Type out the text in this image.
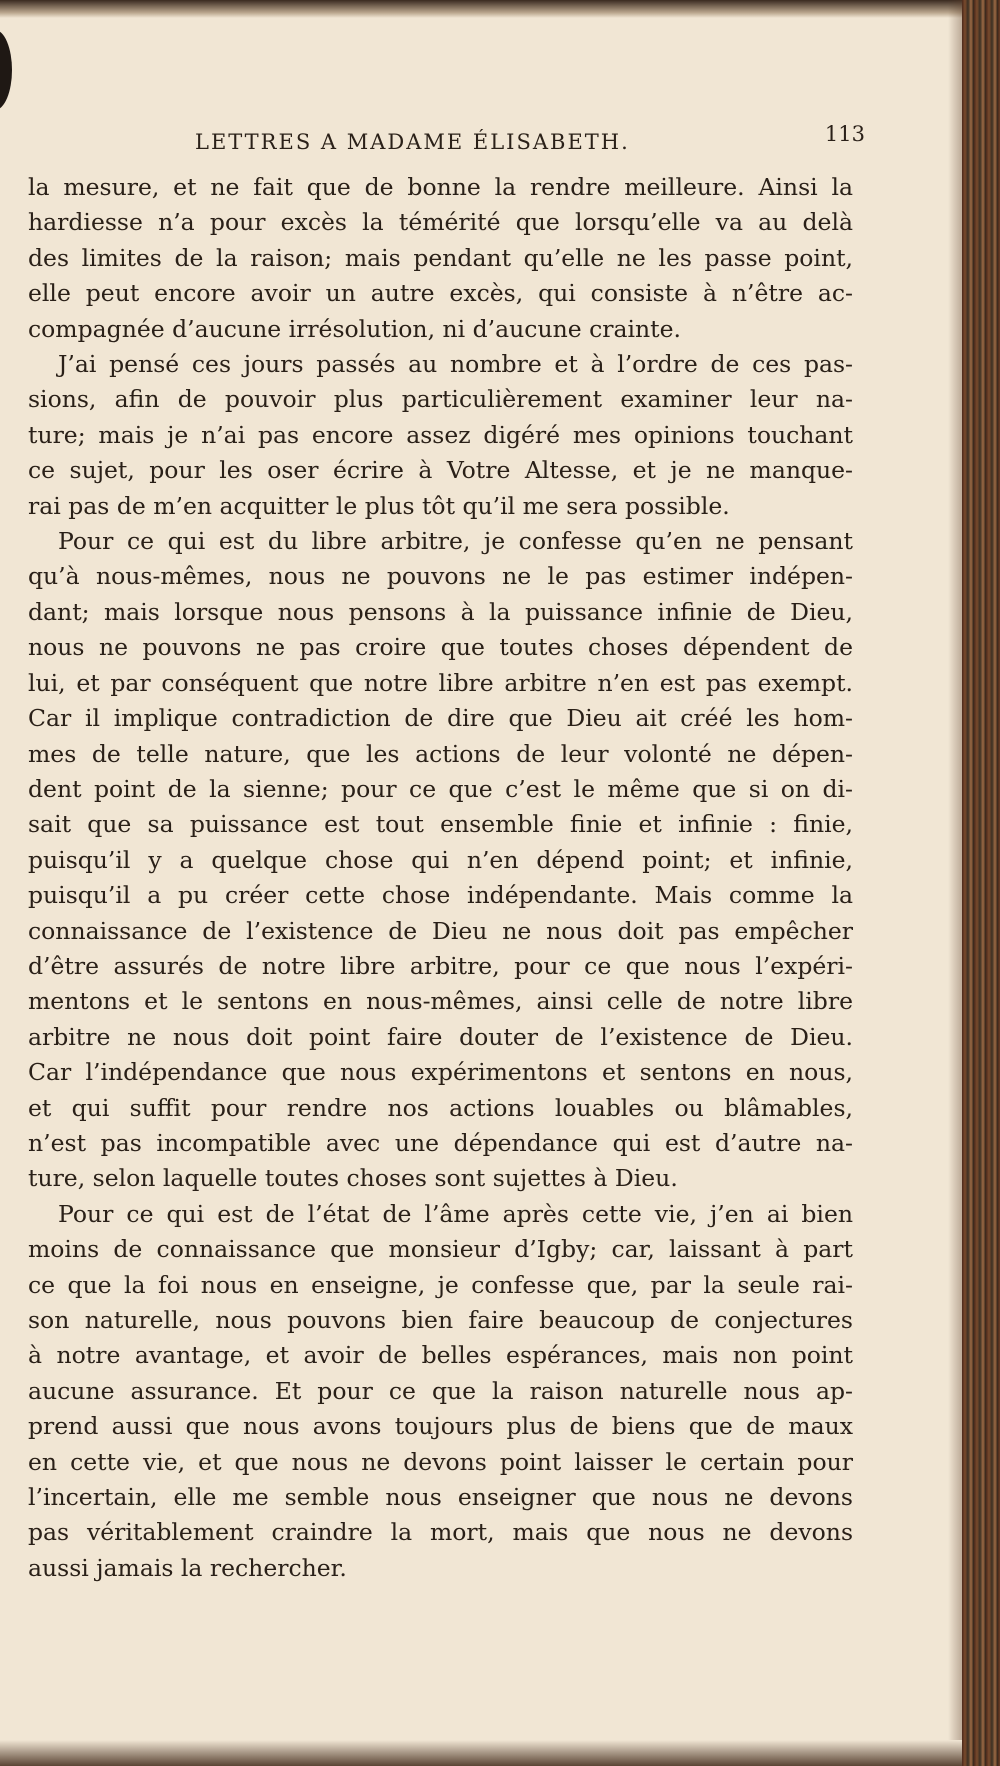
LETTRES A MADAME ÉLISABETH.	113

la mesure, et ne fait que de bonne la rendre meilleure. Ainsi la
hardiesse n’a pour excès la témérité que lorsqu’elle va au delà
des limites de la raison; mais pendant qu’elle ne les passe point,
elle peut encore avoir un autre excès, qui consiste à n’être ac-
compagnée d’aucune irrésolution, ni d’aucune crainte.

J’ai pensé ces jours passés au nombre et à l’ordre de ces pas-
sions, afin de pouvoir plus particulièrement examiner leur na-
ture; mais je n’ai pas encore assez digéré mes opinions touchant
ce sujet, pour les oser écrire à Votre Altesse, et je ne manque-
rai pas de m’en acquitter le plus tôt qu’il me sera possible.

Pour ce qui est du libre arbitre, je confesse qu’en ne pensant
qu’à nous-mêmes, nous ne pouvons ne le pas estimer indépen-
dant; mais lorsque nous pensons à la puissance infinie de Dieu,
nous ne pouvons ne pas croire que toutes choses dépendent de
lui, et par conséquent que notre libre arbitre n’en est pas exempt.
Car il implique contradiction de dire que Dieu ait créé les hom-
mes de telle nature, que les actions de leur volonté ne dépen-
dent point de la sienne; pour ce que c’est le même que si on di-
sait que sa puissance est tout ensemble finie et infinie : finie,
puisqu’il y a quelque chose qui n’en dépend point; et infinie,
puisqu’il a pu créer cette chose indépendante. Mais comme la
connaissance de l’existence de Dieu ne nous doit pas empêcher
d’être assurés de notre libre arbitre, pour ce que nous l’expéri-
mentons et le sentons en nous-mêmes, ainsi celle de notre libre
arbitre ne nous doit point faire douter de l’existence de Dieu.
Car l’indépendance que nous expérimentons et sentons en nous,
et qui suffit pour rendre nos actions louables ou blâmables,
n’est pas incompatible avec une dépendance qui est d’autre na-
ture, selon laquelle toutes choses sont sujettes à Dieu.

Pour ce qui est de l’état de l’âme après cette vie, j’en ai bien
moins de connaissance que monsieur d’Igby; car, laissant à part
ce que la foi nous en enseigne, je confesse que, par la seule rai-
son naturelle, nous pouvons bien faire beaucoup de conjectures
à notre avantage, et avoir de belles espérances, mais non point
aucune assurance. Et pour ce que la raison naturelle nous ap-
prend aussi que nous avons toujours plus de biens que de maux
en cette vie, et que nous ne devons point laisser le certain pour
l’incertain, elle me semble nous enseigner que nous ne devons
pas véritablement craindre la mort, mais que nous ne devons
aussi jamais la rechercher.
